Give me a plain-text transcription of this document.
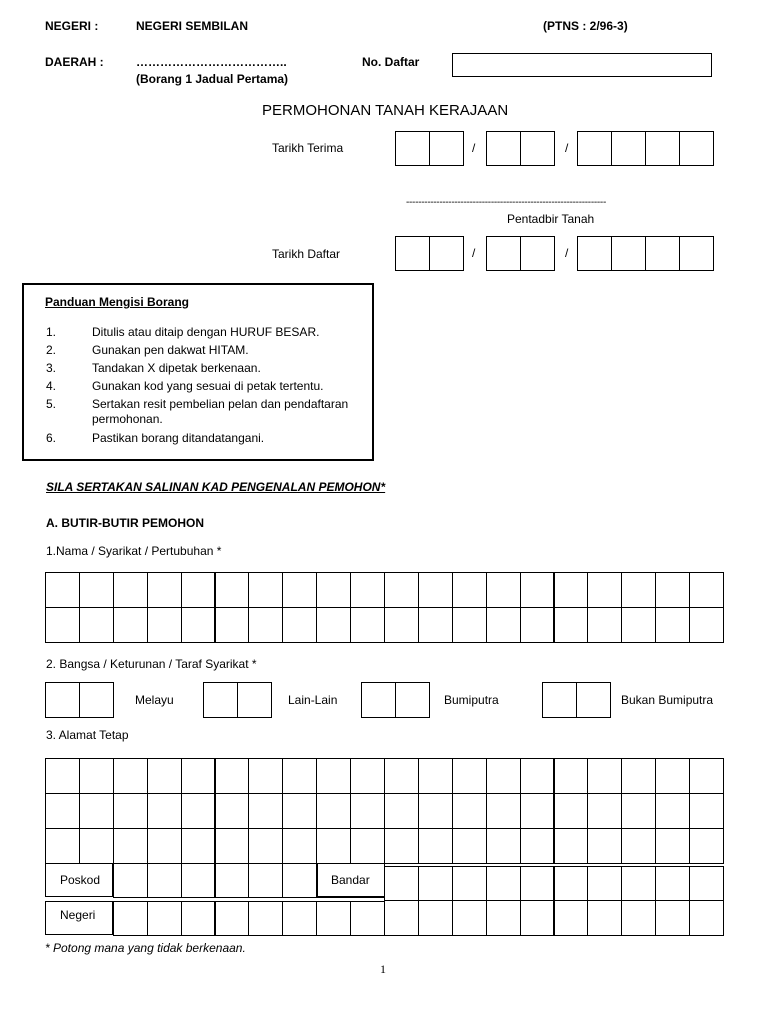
NEGERI :	NEGERI SEMBILAN	(PTNS : 2/96-3)
DAERAH :	………………………………..
(Borang 1 Jadual Pertama)
No. Daftar
PERMOHONAN TANAH KERAJAAN
Tarikh Terima	/	/
------------------------------------------------------------------
Pentadbir Tanah
Tarikh Daftar	/	/
Panduan Mengisi Borang
1.	Ditulis atau ditaip dengan HURUF BESAR.
2.	Gunakan pen dakwat HITAM.
3.	Tandakan X dipetak berkenaan.
4.	Gunakan kod yang sesuai di petak tertentu.
5.	Sertakan resit pembelian pelan dan pendaftaran permohonan.
6.	Pastikan borang ditandatangani.
SILA SERTAKAN SALINAN KAD PENGENALAN PEMOHON*
A. BUTIR-BUTIR PEMOHON
1.Nama / Syarikat / Pertubuhan *
2. Bangsa / Keturunan / Taraf Syarikat *
Melayu	Lain-Lain	Bumiputra	Bukan Bumiputra
3. Alamat Tetap
Poskod	Bandar
Negeri
* Potong mana yang tidak berkenaan.
1
